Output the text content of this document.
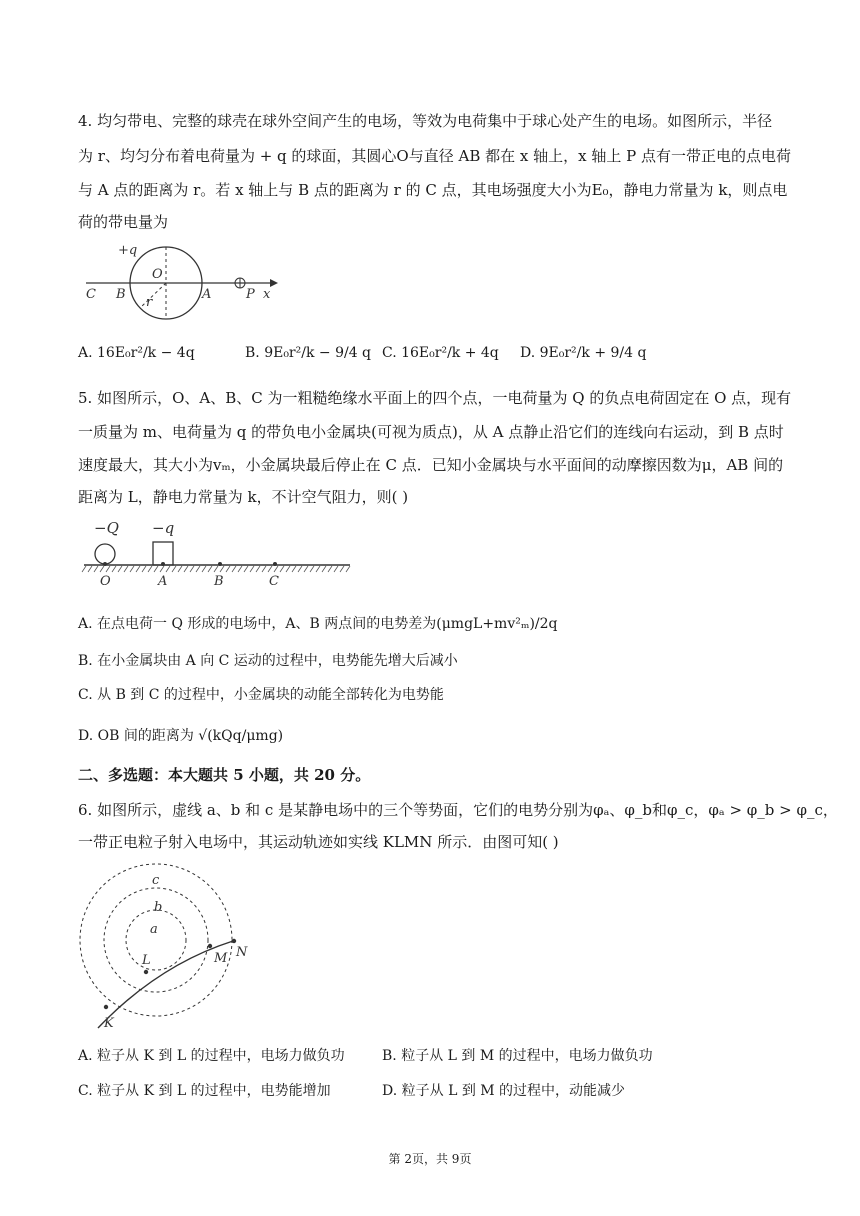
4. 均匀带电、完整的球壳在球外空间产生的电场，等效为电荷集中于球心处产生的电场。如图所示，半径
为 r、均匀分布着电荷量为 + q 的球面，其圆心O与直径 AB 都在 x 轴上，x 轴上 P 点有一带正电的点电荷
与 A 点的距离为 r。若 x 轴上与 B 点的距离为 r 的 C 点，其电场强度大小为E₀，静电力常量为 k，则点电
荷的带电量为
+q
O
C B
r
A	P x
A. 16E₀r²/k − 4q	B. 9E₀r²/k − 9/4 q C. 16E₀r²/k + 4q D. 9E₀r²/k + 9/4 q
5. 如图所示，O、A、B、C 为一粗糙绝缘水平面上的四个点，一电荷量为 Q 的负点电荷固定在 O 点，现有
一质量为 m、电荷量为 q 的带负电小金属块(可视为质点)，从 A 点静止沿它们的连线向右运动，到 B 点时
速度最大，其大小为vₘ，小金属块最后停止在 C 点．已知小金属块与水平面间的动摩擦因数为μ，AB 间的
距离为 L，静电力常量为 k，不计空气阻力，则( )
−Q −q
O	A	B	C
A. 在点电荷一 Q 形成的电场中，A、B 两点间的电势差为(μmgL+mv²ₘ)/2q
B. 在小金属块由 A 向 C 运动的过程中，电势能先增大后减小
C. 从 B 到 C 的过程中，小金属块的动能全部转化为电势能
D. OB 间的距离为 √(kQq/μmg)
二、多选题：本大题共 5 小题，共 20 分。
6. 如图所示，虚线 a、b 和 c 是某静电场中的三个等势面，它们的电势分别为φₐ、φ_b和φ_c，φₐ > φ_b > φ_c，
一带正电粒子射入电场中，其运动轨迹如实线 KLMN 所示．由图可知( )
c
b
a
K
L	M N
A. 粒子从 K 到 L 的过程中，电场力做负功	B. 粒子从 L 到 M 的过程中，电场力做负功
C. 粒子从 K 到 L 的过程中，电势能增加	D. 粒子从 L 到 M 的过程中，动能减少
第 2页，共 9页
